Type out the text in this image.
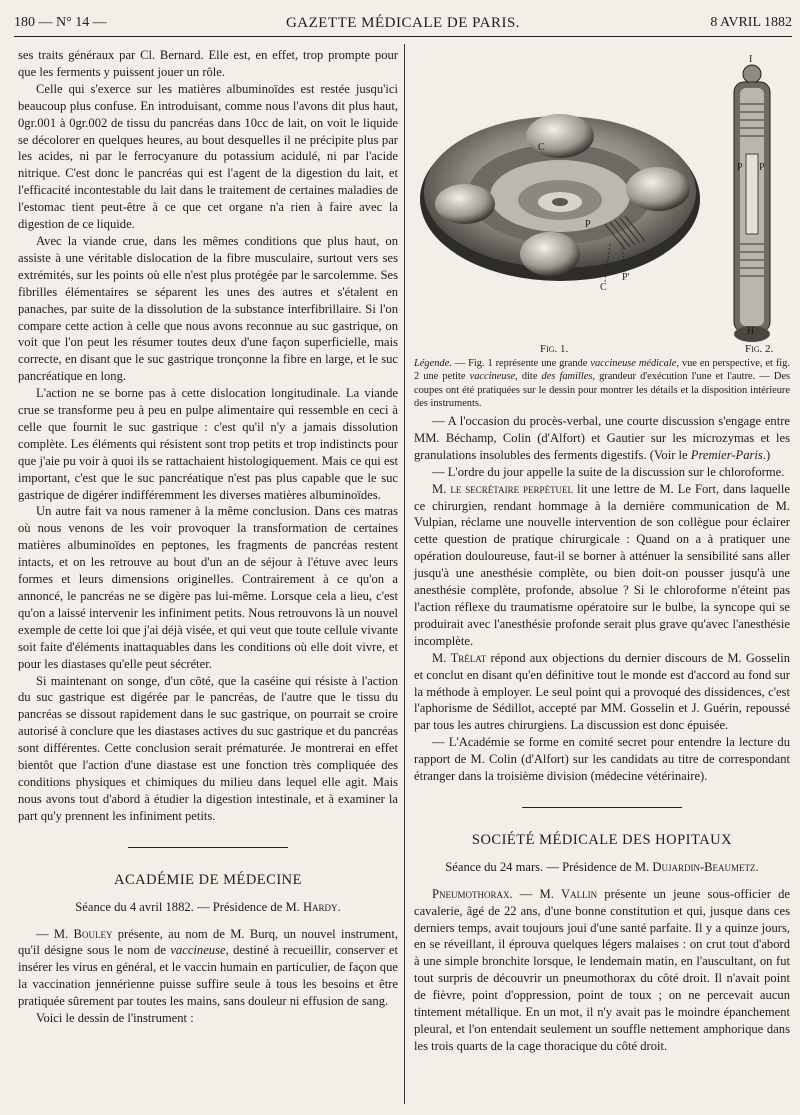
180 — N° 14 —	GAZETTE MÉDICALE DE PARIS.	8 AVRIL 1882

ses traits généraux par Cl. Bernard. Elle est, en effet, trop prompte pour que les ferments y puissent jouer un rôle.

Celle qui s'exerce sur les matières albuminoïdes est restée jusqu'ici beaucoup plus confuse. En introduisant, comme nous l'avons dit plus haut, 0gr.001 à 0gr.002 de tissu du pancréas dans 10cc de lait, on voit le liquide se décolorer en quelques heures, au bout desquelles il ne précipite plus par les acides, ni par le ferrocyanure du potassium acidulé, ni par l'acide nitrique. C'est donc le pancréas qui est l'agent de la digestion du lait, et l'efficacité incontestable du lait dans le traitement de certaines maladies de l'estomac tient peut-être à ce que cet organe n'a rien à faire avec la digestion de ce liquide.

Avec la viande crue, dans les mêmes conditions que plus haut, on assiste à une véritable dislocation de la fibre musculaire, surtout vers ses extrémités, sur les points où elle n'est plus protégée par le sarcolemme. Ses fibrilles élémentaires se séparent les unes des autres et s'étalent en panaches, par suite de la dissolution de la substance interfibrillaire. Si l'on compare cette action à celle que nous avons reconnue au suc gastrique, on voit que l'on peut les résumer toutes deux d'une façon superficielle, mais correcte, en disant que le suc gastrique tronçonne la fibre en large, et le suc pancréatique en long.

L'action ne se borne pas à cette dislocation longitudinale. La viande crue se transforme peu à peu en pulpe alimentaire qui ressemble en ceci à celle que fournit le suc gastrique : c'est qu'il n'y a jamais dissolution complète. Les éléments qui résistent sont trop petits et trop indistincts pour que j'aie pu voir à quoi ils se rattachaient histologiquement. Mais ce qui est important, c'est que le suc pancréatique n'est pas plus capable que le suc gastrique de digérer indifféremment les diverses matières albuminoïdes.

Un autre fait va nous ramener à la même conclusion. Dans ces matras où nous venons de les voir provoquer la transformation de certaines matières albuminoïdes en peptones, les fragments de pancréas restent intacts, et on les retrouve au bout d'un an de séjour à l'étuve avec leurs formes et leurs dimensions originelles. Contrairement à ce qu'on a annoncé, le pancréas ne se digère pas lui-même. Lorsque cela a lieu, c'est qu'on a laissé intervenir les infiniment petits. Nous retrouvons là un nouvel exemple de cette loi que j'ai déjà visée, et qui veut que toute cellule vivante soit faite d'éléments inattaquables dans les conditions où elle doit vivre, et pour les diastases qu'elle peut sécréter.

Si maintenant on songe, d'un côté, que la caséine qui résiste à l'action du suc gastrique est digérée par le pancréas, de l'autre que le tissu du pancréas se dissout rapidement dans le suc gastrique, on pourrait se croire autorisé à conclure que les diastases actives du suc gastrique et du pancréas sont différentes. Cette conclusion serait prématurée. Je montrerai en effet bientôt que l'action d'une diastase est une fonction très compliquée des conditions physiques et chimiques du milieu dans lequel elle agit. Mais nous avons tout d'abord à étudier la digestion intestinale, et à examiner la part qu'y prennent les infiniment petits.

ACADÉMIE DE MÉDECINE
Séance du 4 avril 1882. — Présidence de M. Hardy.

— M. Bouley présente, au nom de M. Burq, un nouvel instrument, qu'il désigne sous le nom de vaccineuse, destiné à recueillir, conserver et insérer les virus en général, et le vaccin humain en particulier, de façon que la vaccination jennérienne puisse suffire seule à tous les besoins et être pratiquée sûrement par toutes les mains, sans douleur ni effusion de sang.

Voici le dessin de l'instrument :

C
P
P'
C
P P
H
I
Fig. 1.	Fig. 2.
Légende. — Fig. 1 représente une grande vaccineuse médicale, vue en perspective, et fig. 2 une petite vaccineuse, dite des familles, grandeur d'exécution l'une et l'autre. — Des coupes ont été pratiquées sur le dessin pour montrer les détails et la disposition intérieure des instruments.

— A l'occasion du procès-verbal, une courte discussion s'engage entre MM. Béchamp, Colin (d'Alfort) et Gautier sur les microzymas et les granulations insolubles des ferments digestifs. (Voir le Premier-Paris.)

— L'ordre du jour appelle la suite de la discussion sur le chloroforme.

M. le secrétaire perpétuel lit une lettre de M. Le Fort, dans laquelle ce chirurgien, rendant hommage à la dernière communication de M. Vulpian, réclame une nouvelle intervention de son collègue pour éclairer cette question de pratique chirurgicale : Quand on a à pratiquer une opération douloureuse, faut-il se borner à atténuer la sensibilité sans aller jusqu'à une anesthésie complète, ou bien doit-on pousser jusqu'à une anesthésie complète, profonde, absolue ? Si le chloroforme n'éteint pas l'action réflexe du traumatisme opératoire sur le bulbe, la syncope qui se produirait avec l'anesthésie profonde serait plus grave qu'avec l'anesthésie incomplète.

M. Trélat répond aux objections du dernier discours de M. Gosselin et conclut en disant qu'en définitive tout le monde est d'accord au fond sur la méthode à employer. Le seul point qui a provoqué des dissidences, c'est l'aphorisme de Sédillot, accepté par MM. Gosselin et J. Guérin, repoussé par tous les autres chirurgiens. La discussion est donc épuisée.

— L'Académie se forme en comité secret pour entendre la lecture du rapport de M. Colin (d'Alfort) sur les candidats au titre de correspondant étranger dans la troisième division (médecine vétérinaire).

SOCIÉTÉ MÉDICALE DES HOPITAUX
Séance du 24 mars. — Présidence de M. Dujardin-Beaumetz.

Pneumothorax. — M. Vallin présente un jeune sous-officier de cavalerie, âgé de 22 ans, d'une bonne constitution et qui, jusque dans ces derniers temps, avait toujours joui d'une santé parfaite. Il y a quinze jours, en se réveillant, il éprouva quelques légers malaises : on crut tout d'abord à une simple bronchite lorsque, le lendemain matin, en l'auscultant, on fut tout surpris de découvrir un pneumothorax du côté droit. Il n'avait point de fièvre, point d'oppression, point de toux ; on ne percevait aucun tintement métallique. En un mot, il n'y avait pas le moindre épanchement pleural, et l'on entendait seulement un souffle nettement amphorique dans les trois quarts de la cage thoracique du côté droit.
